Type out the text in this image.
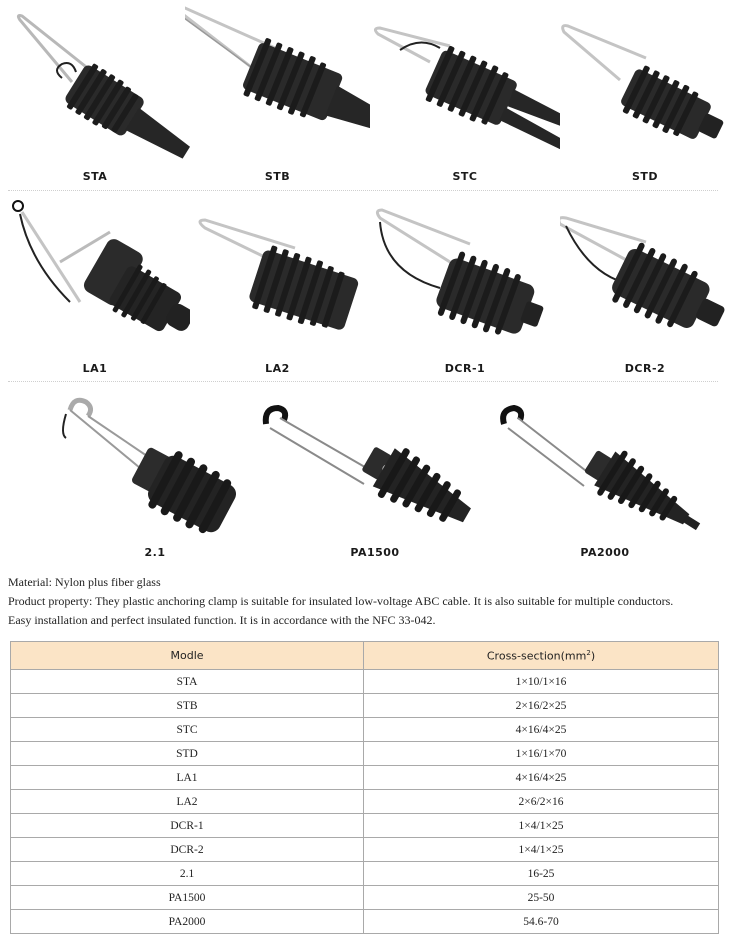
STA	STB	STC	STD
LA1	LA2	DCR-1	DCR-2
2.1	PA1500	PA2000

Material: Nylon plus fiber glass

Product property: They plastic anchoring clamp is suitable for insulated low-voltage ABC cable. It is also suitable for multiple conductors.

Easy installation and perfect insulated function. It is in accordance with the NFC 33-042.

Modle	Cross-$section(mm^2)$
STA	1×10/1×16
STB	2×16/2×25
STC	4×16/4×25
STD	1×16/1×70
LA1	4×16/4×25
LA2	2×6/2×16
DCR-1	1×4/1×25
DCR-2	1×4/1×25
2.1	16-25
PA1500	25-50
PA2000	54.6-70
